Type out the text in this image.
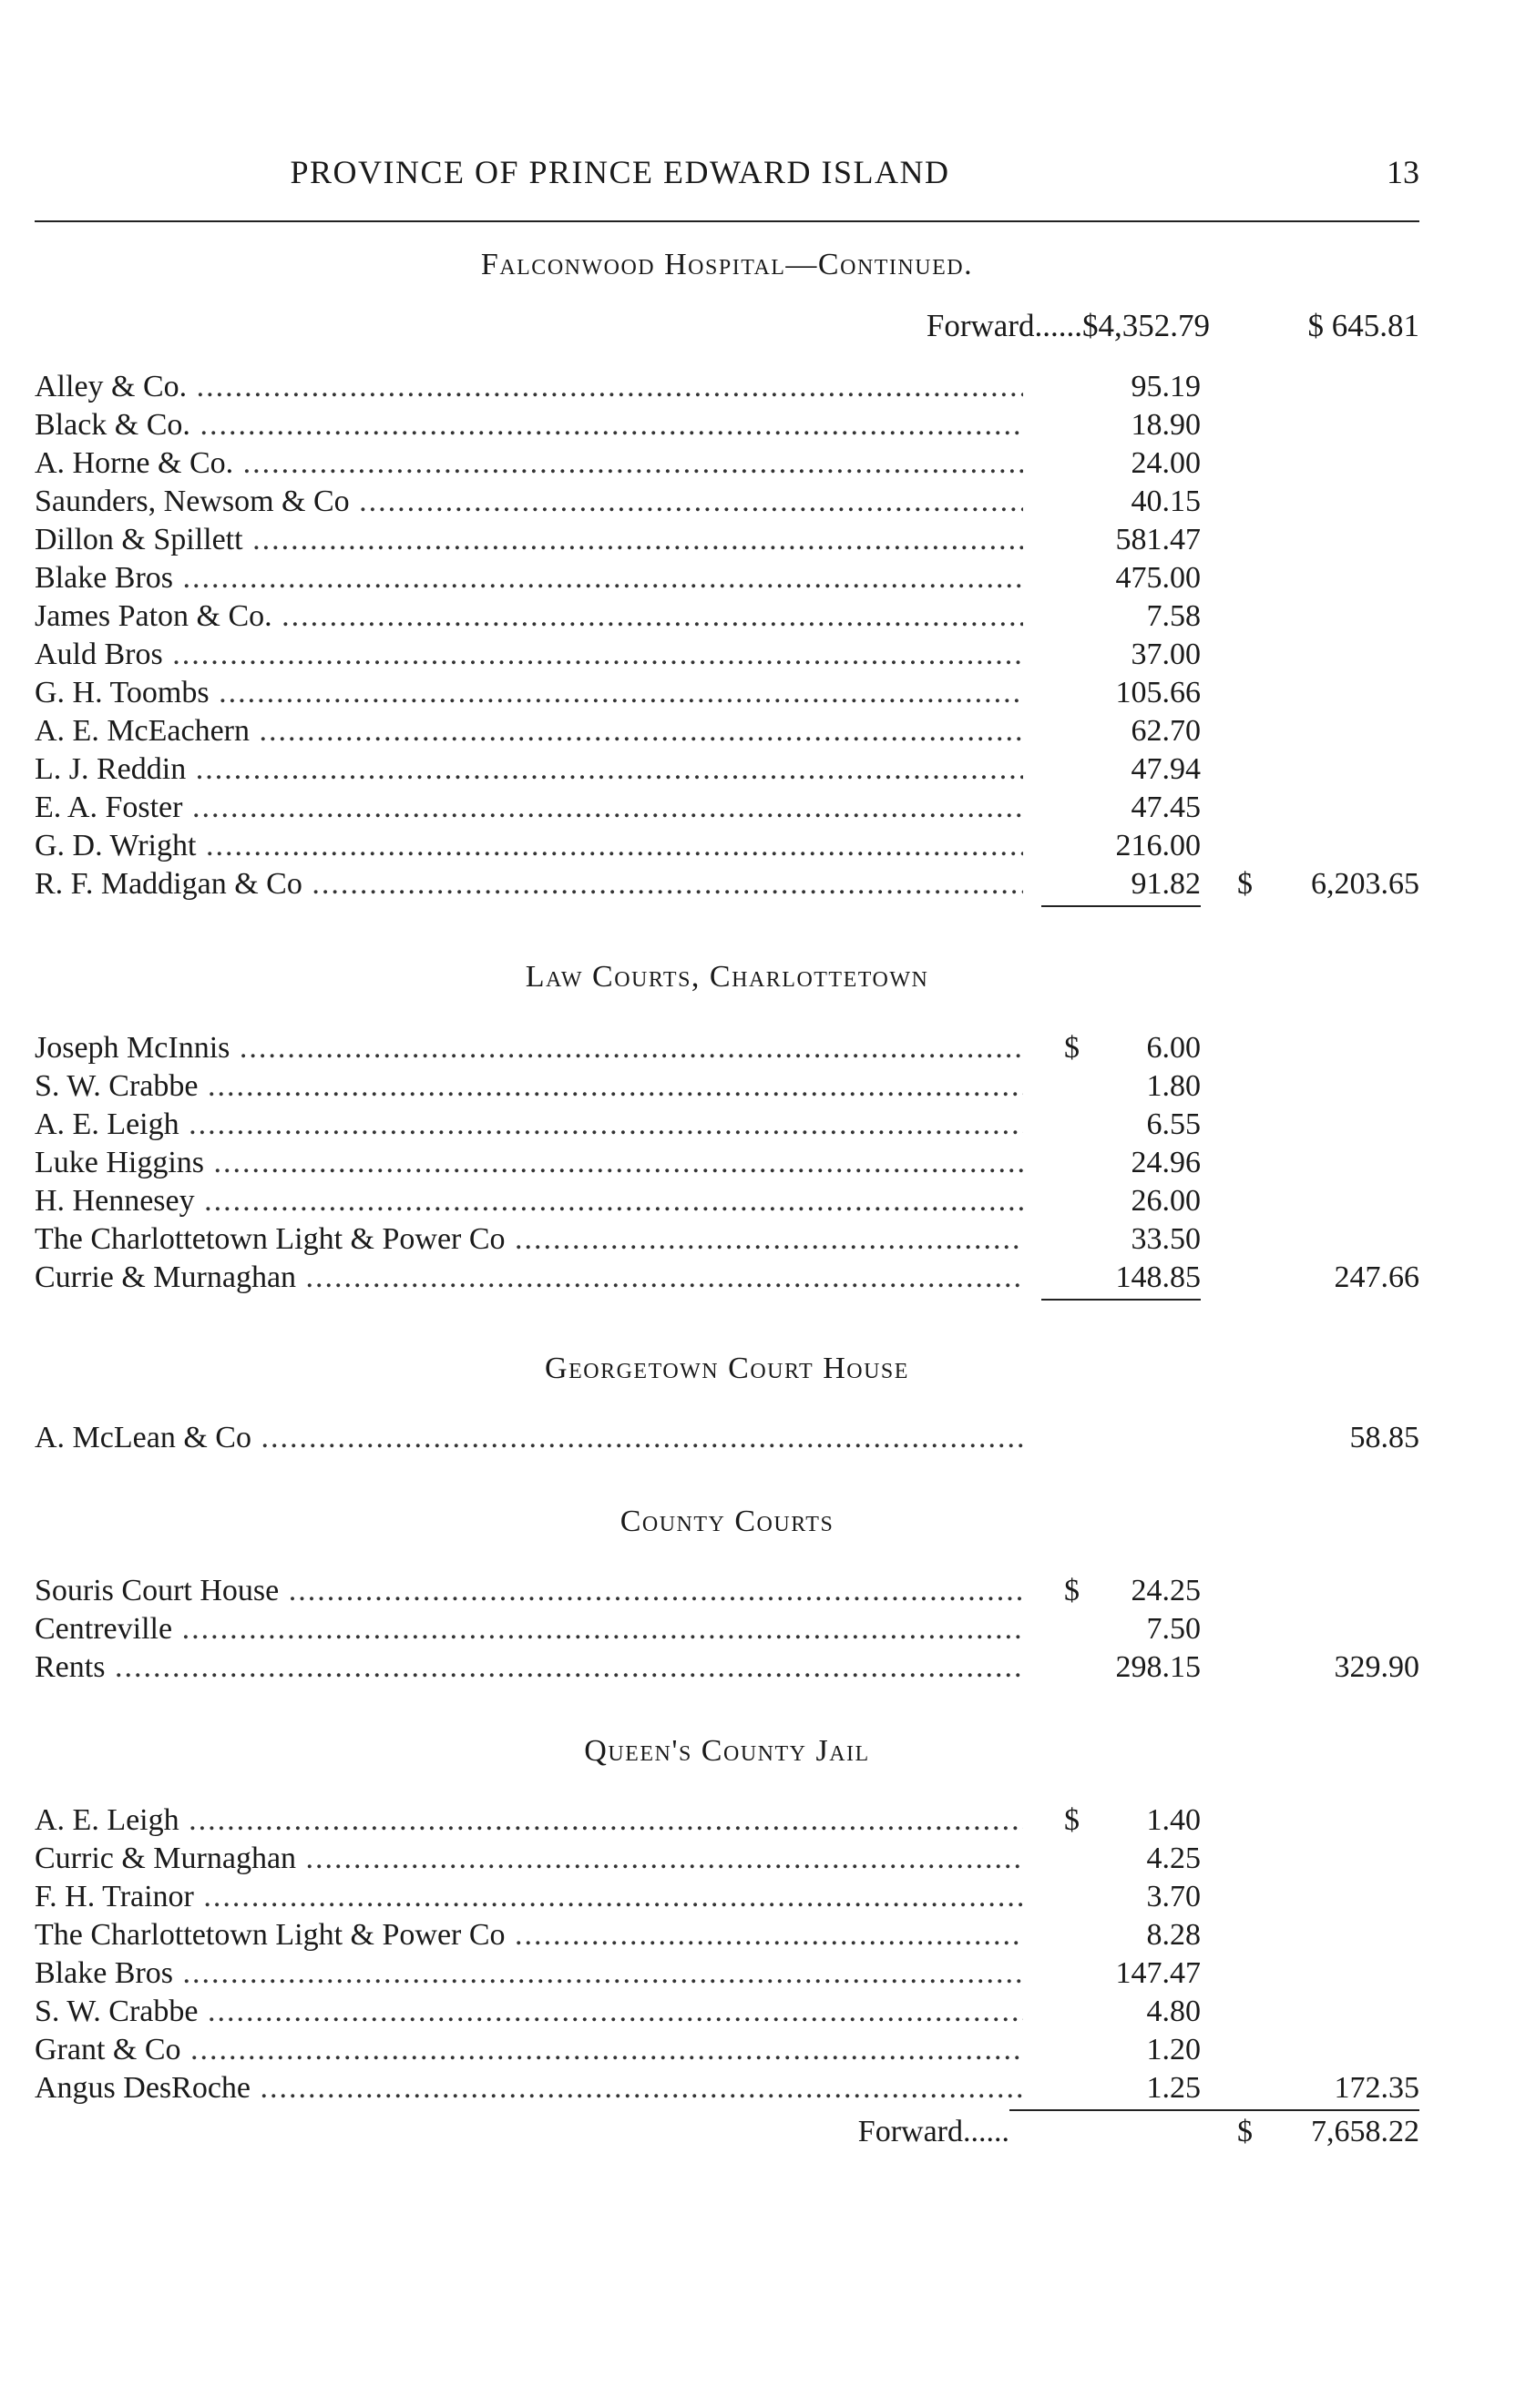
PROVINCE OF PRINCE EDWARD ISLAND	13
Falconwood Hospital—Continued.
Forward......$4,352.79	$ 645.81
Alley & Co. .....	95.19
Black & Co. .....	18.90
A. Horne & Co. .....	24.00
Saunders, Newsom & Co .....	40.15
Dillon & Spillett .....	581.47
Blake Bros .....	475.00
James Paton & Co. .....	7.58
Auld Bros .....	37.00
G. H. Toombs .....	105.66
A. E. McEachern .....	62.70
L. J. Reddin .....	47.94
E. A. Foster .....	47.45
G. D. Wright .....	216.00
R. F. Maddigan & Co .....	91.82 $ 6,203.65
Law Courts, Charlottetown
Joseph McInnis .....	$ 6.00
S. W. Crabbe .....	1.80
A. E. Leigh .....	6.55
Luke Higgins .....	24.96
H. Hennesey .....	26.00
The Charlottetown Light & Power Co .....	33.50
Currie & Murnaghan .....	148.85	247.66
Georgetown Court House
A. McLean & Co .....	58.85
County Courts
Souris Court House .....	$ 24.25
Centreville .....	7.50
Rents .....	298.15	329.90
Queen's County Jail
A. E. Leigh .....	$ 1.40
Curric & Murnaghan .....	4.25
F. H. Trainor .....	3.70
The Charlottetown Light & Power Co .....	8.28
Blake Bros .....	147.47
S. W. Crabbe .....	4.80
Grant & Co .....	1.20
Angus DesRoche .....	1.25	172.35
Forward......	$ 7,658.22
